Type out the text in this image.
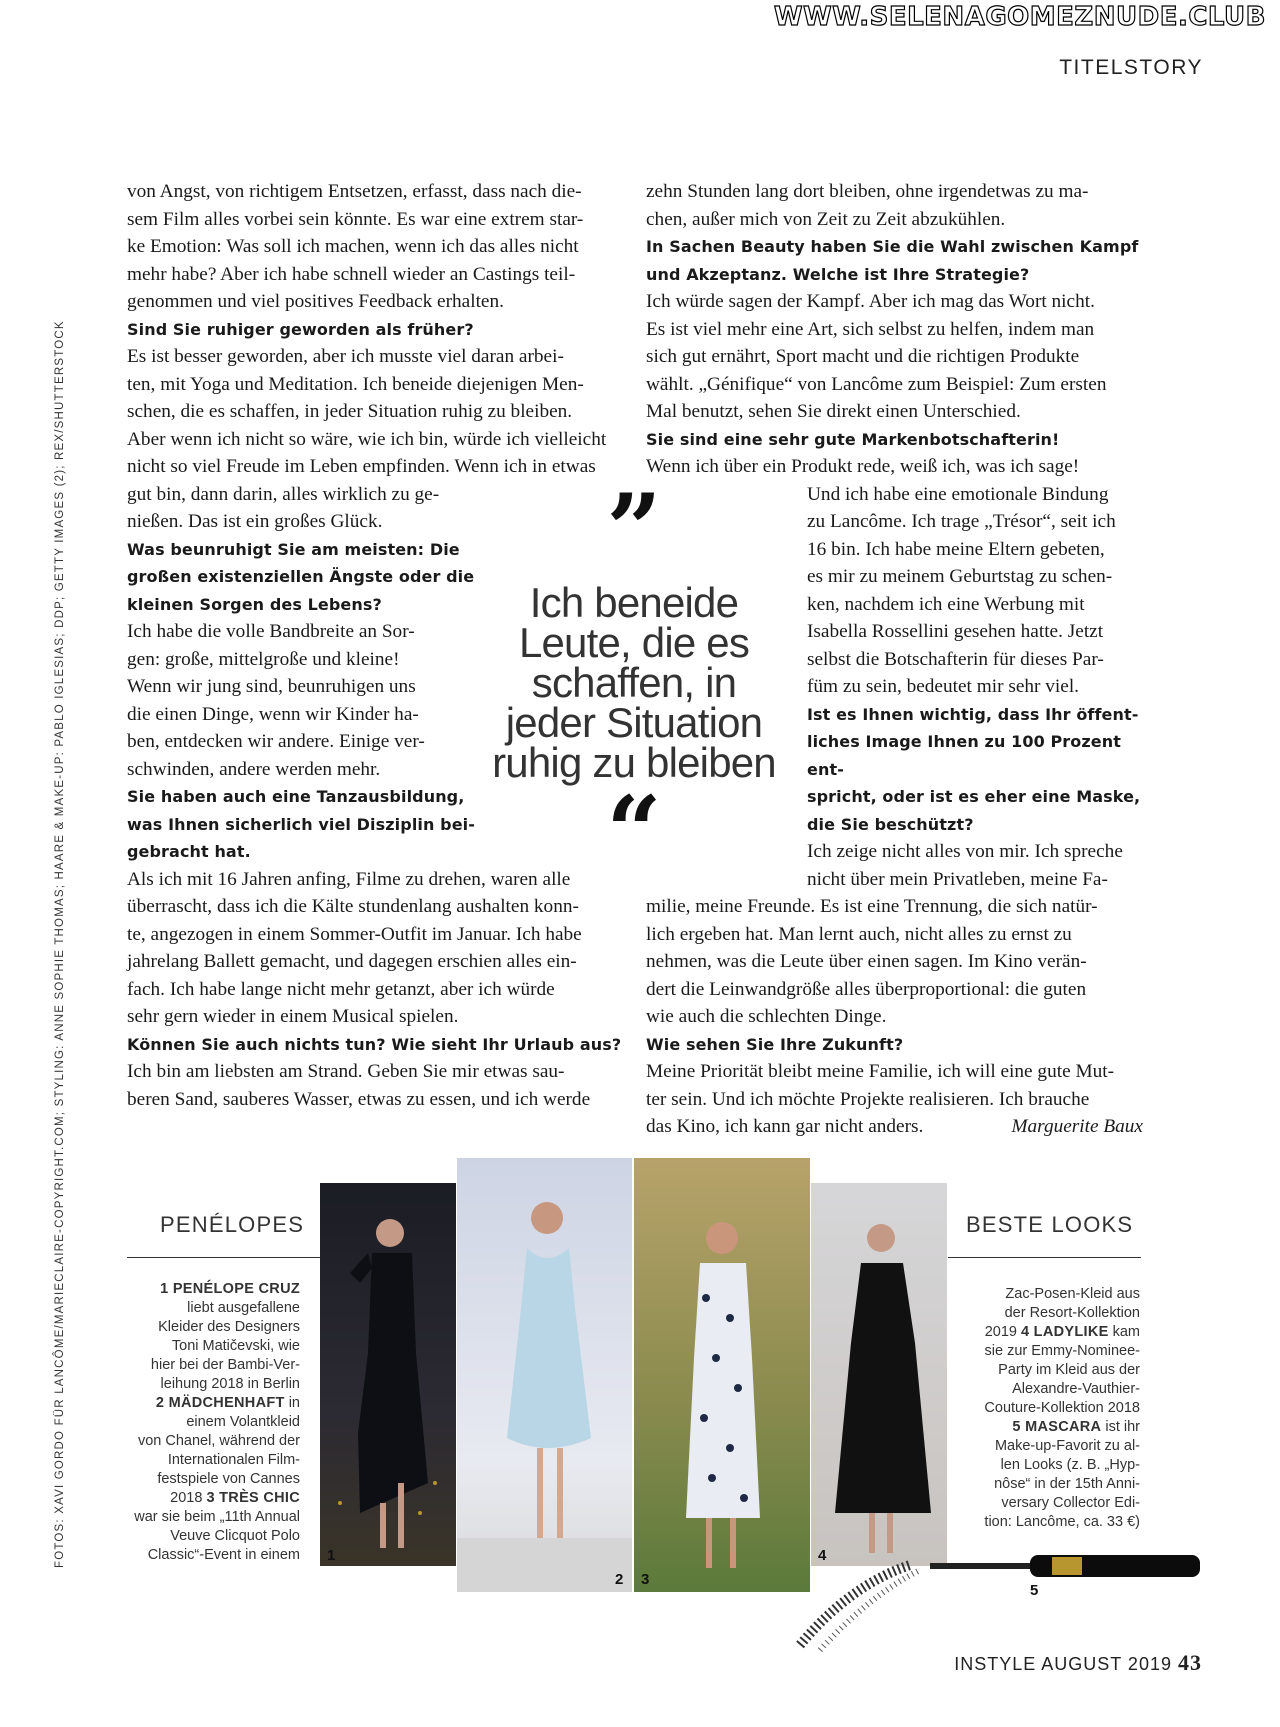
WWW.SELENAGOMEZNUDE.CLUB
TITELSTORY
FOTOS: XAVI GORDO FÜR LANCÔME/MARIECLAIRE-COPYRIGHT.COM; STYLING: ANNE SOPHIE THOMAS; HAARE & MAKE-UP: PABLO IGLESIAS; DDP; GETTY IMAGES (2); REX/SHUTTERSTOCK

von Angst, von richtigem Entsetzen, erfasst, dass nach die-

sem Film alles vorbei sein könnte. Es war eine extrem star-

ke Emotion: Was soll ich machen, wenn ich das alles nicht

mehr habe? Aber ich habe schnell wieder an Castings teil-

genommen und viel positives Feedback erhalten.

Sind Sie ruhiger geworden als früher?

Es ist besser geworden, aber ich musste viel daran arbei-

ten, mit Yoga und Meditation. Ich beneide diejenigen Men-

schen, die es schaffen, in jeder Situation ruhig zu bleiben.

Aber wenn ich nicht so wäre, wie ich bin, würde ich vielleicht

nicht so viel Freude im Leben empfinden. Wenn ich in etwas

gut bin, dann darin, alles wirklich zu ge-

nießen. Das ist ein großes Glück.

Was beunruhigt Sie am meisten: Die

großen existenziellen Ängste oder die

kleinen Sorgen des Lebens?

Ich habe die volle Bandbreite an Sor-

gen: große, mittelgroße und kleine!

Wenn wir jung sind, beunruhigen uns

die einen Dinge, wenn wir Kinder ha-

ben, entdecken wir andere. Einige ver-

schwinden, andere werden mehr.

Sie haben auch eine Tanzausbildung,

was Ihnen sicherlich viel Disziplin bei-

gebracht hat.

Als ich mit 16 Jahren anfing, Filme zu drehen, waren alle

überrascht, dass ich die Kälte stundenlang aushalten konn-

te, angezogen in einem Sommer-Outfit im Januar. Ich habe

jahrelang Ballett gemacht, und dagegen erschien alles ein-

fach. Ich habe lange nicht mehr getanzt, aber ich würde

sehr gern wieder in einem Musical spielen.

Können Sie auch nichts tun? Wie sieht Ihr Urlaub aus?

Ich bin am liebsten am Strand. Geben Sie mir etwas sau-

beren Sand, sauberes Wasser, etwas zu essen, und ich werde

zehn Stunden lang dort bleiben, ohne irgendetwas zu ma-

chen, außer mich von Zeit zu Zeit abzukühlen.

In Sachen Beauty haben Sie die Wahl zwischen Kampf

und Akzeptanz. Welche ist Ihre Strategie?

Ich würde sagen der Kampf. Aber ich mag das Wort nicht.

Es ist viel mehr eine Art, sich selbst zu helfen, indem man

sich gut ernährt, Sport macht und die richtigen Produkte

wählt. „Génifique“ von Lancôme zum Beispiel: Zum ersten

Mal benutzt, sehen Sie direkt einen Unterschied.

Sie sind eine sehr gute Markenbotschafterin!

Wenn ich über ein Produkt rede, weiß ich, was ich sage!

Und ich habe eine emotionale Bindung

zu Lancôme. Ich trage „Trésor“, seit ich

16 bin. Ich habe meine Eltern gebeten,

es mir zu meinem Geburtstag zu schen-

ken, nachdem ich eine Werbung mit

Isabella Rossellini gesehen hatte. Jetzt

selbst die Botschafterin für dieses Par-

füm zu sein, bedeutet mir sehr viel.

Ist es Ihnen wichtig, dass Ihr öffent-

liches Image Ihnen zu 100 Prozent ent-

spricht, oder ist es eher eine Maske,

die Sie beschützt?

Ich zeige nicht alles von mir. Ich spreche

nicht über mein Privatleben, meine Fa-

milie, meine Freunde. Es ist eine Trennung, die sich natür-

lich ergeben hat. Man lernt auch, nicht alles zu ernst zu

nehmen, was die Leute über einen sagen. Im Kino verän-

dert die Leinwandgröße alles überproportional: die guten

wie auch die schlechten Dinge.

Wie sehen Sie Ihre Zukunft?

Meine Priorität bleibt meine Familie, ich will eine gute Mut-

ter sein. Und ich möchte Projekte realisieren. Ich brauche

das Kino, ich kann gar nicht anders.	Marguerite Baux

”
Ich beneide
Leute, die es
schaffen, in
jeder Situation
ruhig zu bleiben
“
PENÉLOPES
1 PENÉLOPE CRUZ
liebt ausgefallene
Kleider des Designers
Toni Matičevski, wie
hier bei der Bambi-Ver-
leihung 2018 in Berlin
2 MÄDCHENHAFT in
einem Volantkleid
von Chanel, während der
Internationalen Film-
festspiele von Cannes
2018 3 TRÈS CHIC
war sie beim „11th Annual
Veuve Clicquot Polo
Classic“-Event in einem
BESTE LOOKS
Zac-Posen-Kleid aus
der Resort-Kollektion
2019 4 LADYLIKE kam
sie zur Emmy-Nominee-
Party im Kleid aus der
Alexandre-Vauthier-
Couture-Kollektion 2018
5 MASCARA ist ihr
Make-up-Favorit zu al-
len Looks (z. B. „Hyp-
nôse“ in der 15th Anni-
versary Collector Edi-
tion: Lancôme, ca. 33 €)
1
2 3
4
5
INSTYLE AUGUST 2019 43
